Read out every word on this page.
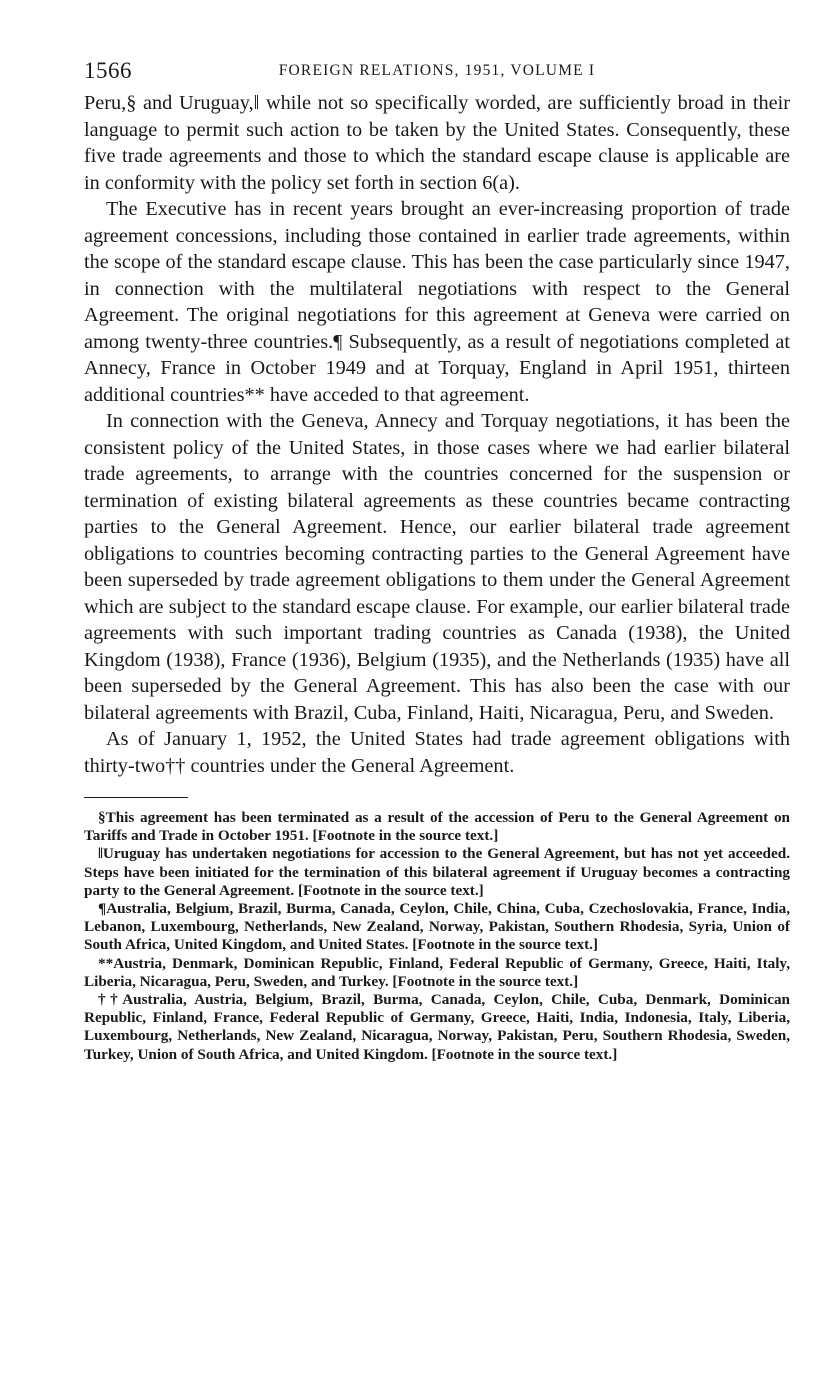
1566	FOREIGN RELATIONS, 1951, VOLUME I

Peru,§ and Uruguay,‖ while not so specifically worded, are sufficiently broad in their language to permit such action to be taken by the United States. Consequently, these five trade agreements and those to which the standard escape clause is applicable are in conformity with the policy set forth in section 6(a).

The Executive has in recent years brought an ever-increasing proportion of trade agreement concessions, including those contained in earlier trade agreements, within the scope of the standard escape clause. This has been the case particularly since 1947, in connection with the multilateral negotiations with respect to the General Agreement. The original negotiations for this agreement at Geneva were carried on among twenty-three countries.¶ Subsequently, as a result of negotiations completed at Annecy, France in October 1949 and at Torquay, England in April 1951, thirteen additional countries** have acceded to that agreement.

In connection with the Geneva, Annecy and Torquay negotiations, it has been the consistent policy of the United States, in those cases where we had earlier bilateral trade agreements, to arrange with the countries concerned for the suspension or termination of existing bilateral agreements as these countries became contracting parties to the General Agreement. Hence, our earlier bilateral trade agreement obligations to countries becoming contracting parties to the General Agreement have been superseded by trade agreement obligations to them under the General Agreement which are subject to the standard escape clause. For example, our earlier bilateral trade agreements with such important trading countries as Canada (1938), the United Kingdom (1938), France (1936), Belgium (1935), and the Netherlands (1935) have all been superseded by the General Agreement. This has also been the case with our bilateral agreements with Brazil, Cuba, Finland, Haiti, Nicaragua, Peru, and Sweden.

As of January 1, 1952, the United States had trade agreement obligations with thirty-two†† countries under the General Agreement.

§This agreement has been terminated as a result of the accession of Peru to the General Agreement on Tariffs and Trade in October 1951. [Footnote in the source text.]

‖Uruguay has undertaken negotiations for accession to the General Agreement, but has not yet acceeded. Steps have been initiated for the termination of this bilateral agreement if Uruguay becomes a contracting party to the General Agreement. [Footnote in the source text.]

¶Australia, Belgium, Brazil, Burma, Canada, Ceylon, Chile, China, Cuba, Czechoslovakia, France, India, Lebanon, Luxembourg, Netherlands, New Zealand, Norway, Pakistan, Southern Rhodesia, Syria, Union of South Africa, United Kingdom, and United States. [Footnote in the source text.]

**Austria, Denmark, Dominican Republic, Finland, Federal Republic of Germany, Greece, Haiti, Italy, Liberia, Nicaragua, Peru, Sweden, and Turkey. [Footnote in the source text.]

††Australia, Austria, Belgium, Brazil, Burma, Canada, Ceylon, Chile, Cuba, Denmark, Dominican Republic, Finland, France, Federal Republic of Germany, Greece, Haiti, India, Indonesia, Italy, Liberia, Luxembourg, Netherlands, New Zealand, Nicaragua, Norway, Pakistan, Peru, Southern Rhodesia, Sweden, Turkey, Union of South Africa, and United Kingdom. [Footnote in the source text.]
